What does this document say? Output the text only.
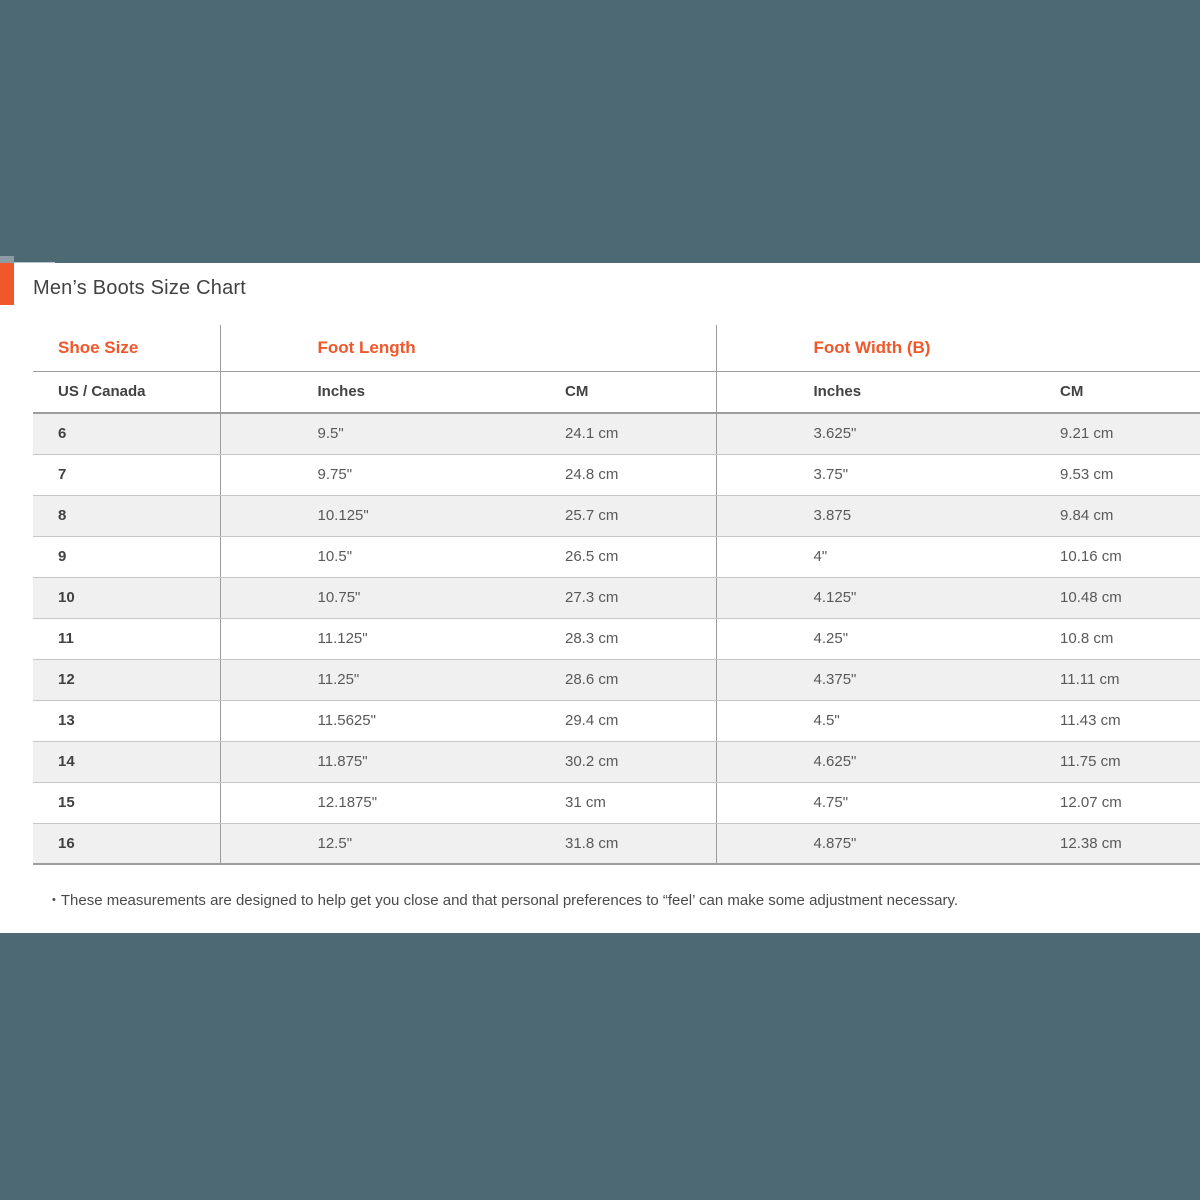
Men’s Boots Size Chart
Shoe Size	Foot Length		Foot Width (B)	
US / Canada	Inches	CM	Inches	CM
6	9.5"	24.1 cm	3.625"	9.21 cm
7	9.75"	24.8 cm	3.75"	9.53 cm
8	10.125"	25.7 cm	3.875	9.84 cm
9	10.5"	26.5 cm	4"	10.16 cm
10	10.75"	27.3 cm	4.125"	10.48 cm
11	11.125"	28.3 cm	4.25"	10.8 cm
12	11.25"	28.6 cm	4.375"	11.11 cm
13	11.5625"	29.4 cm	4.5"	11.43 cm
14	11.875"	30.2 cm	4.625"	11.75 cm
15	12.1875"	31 cm	4.75"	12.07 cm
16	12.5"	31.8 cm	4.875"	12.38 cm
• These measurements are designed to help get you close and that personal preferences to “feel’ can make some adjustment necessary.
